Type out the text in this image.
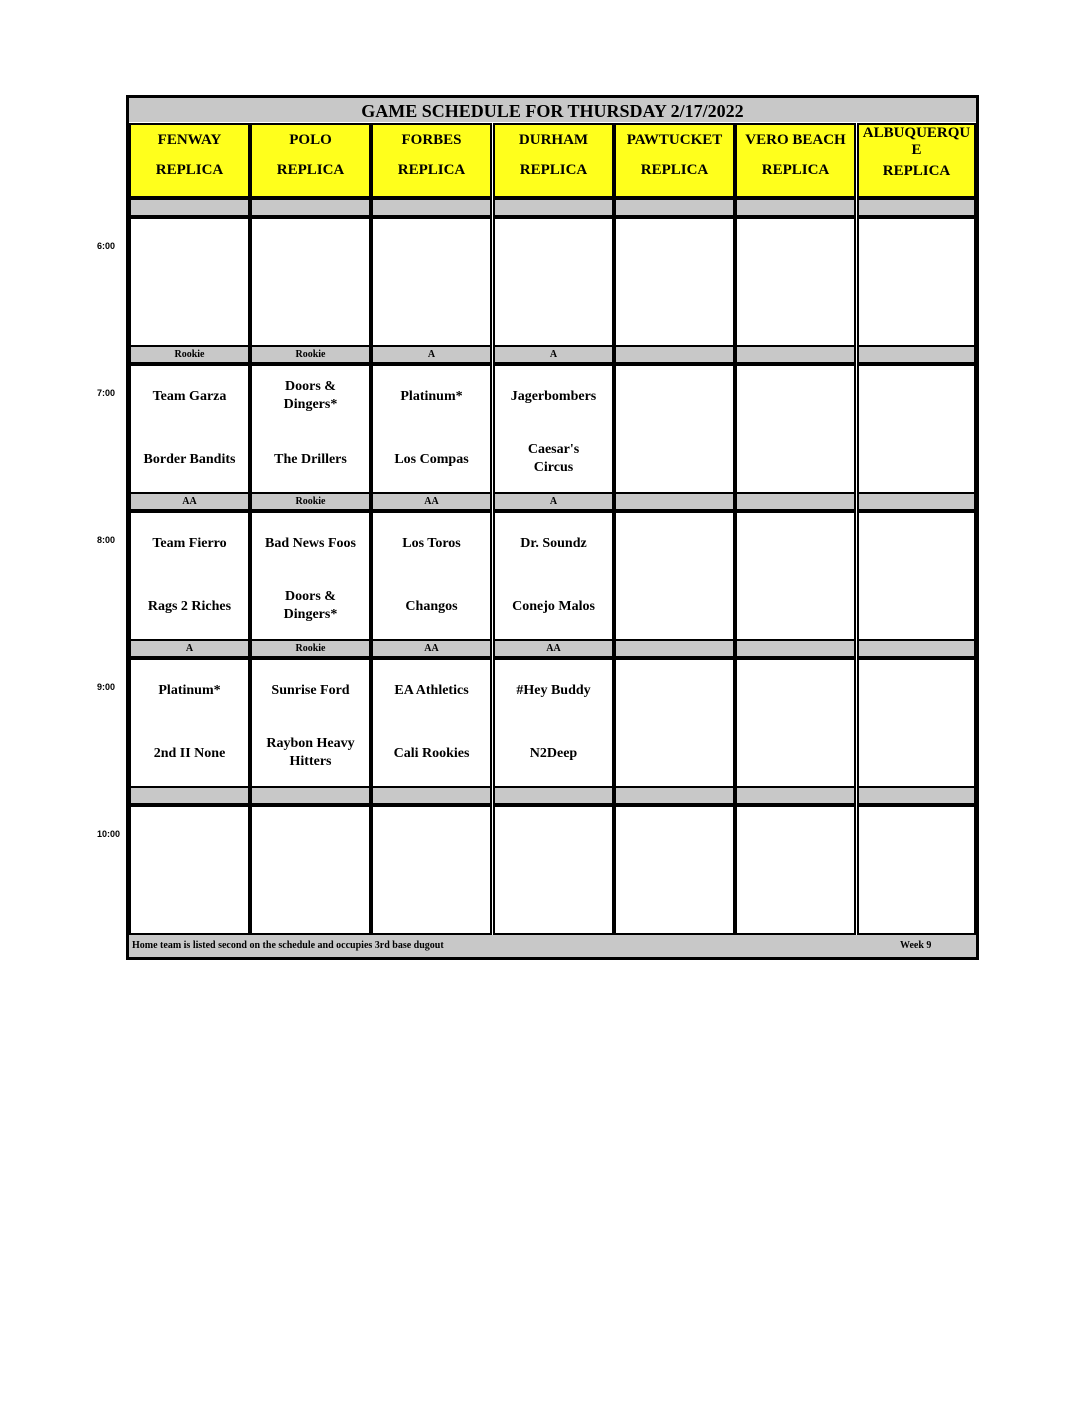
GAME SCHEDULE FOR THURSDAY 2/17/2022
FENWAY
REPLICA
POLO
REPLICA
FORBES
REPLICA
DURHAM
REPLICA
PAWTUCKET
REPLICA
VERO BEACH
REPLICA
ALBUQUERQU E
REPLICA
Rookie
Team Garza
Border Bandits
Rookie
Doors & Dingers*
The Drillers
A
Platinum*
Los Compas
A
Jagerbombers
Caesar's Circus
AA
Team Fierro
Rags 2 Riches
Rookie
Bad News Foos
Doors & Dingers*
AA
Los Toros
Changos
A
Dr. Soundz
Conejo Malos
A
Platinum*
2nd II None
Rookie
Sunrise Ford
Raybon Heavy Hitters
AA
EA Athletics
Cali Rookies
AA
#Hey Buddy
N2Deep
Home team is listed second on the schedule and occupies 3rd base dugout	Week 9
6:00
7:00
8:00
9:00
10:00
